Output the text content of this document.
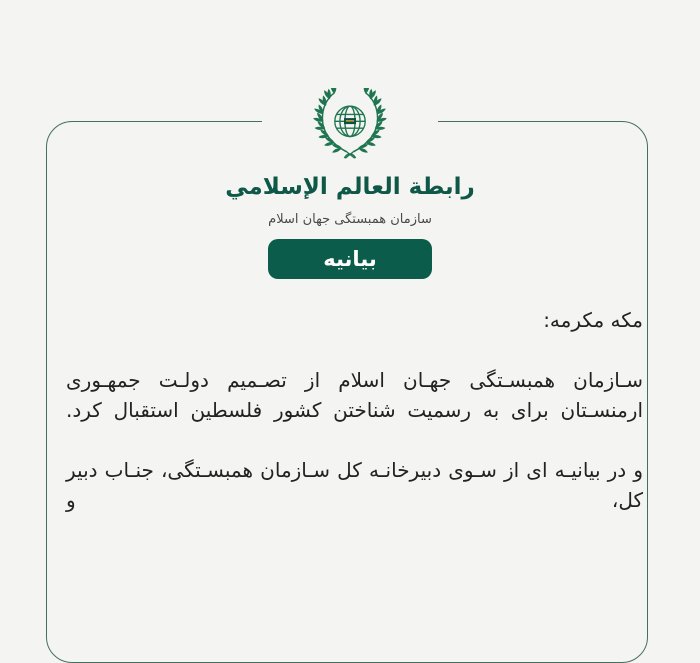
رابطة العالم الإسلامي
سازمان همبستگی جهان اسلام
بیانیه

مکه مکرمه:

سـازمان همبسـتگی جهـان اسلام از تصـمیم دولـت جمهـوری ارمنسـتان برای به رسمیت شناختن کشور فلسطین استقبال کرد.

و در بیانیـه ای از سـوی دبیرخانـه کل سـازمان همبسـتگی، جنـاب دبیر کل، و
